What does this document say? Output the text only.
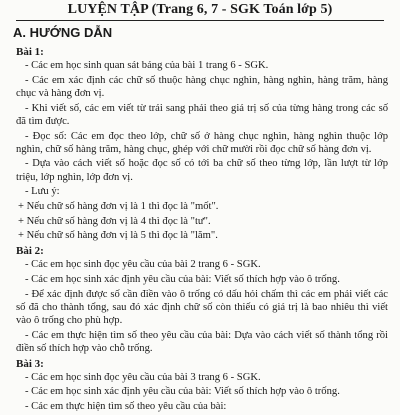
LUYỆN TẬP (Trang 6, 7 - SGK Toán lớp 5)
A. HƯỚNG DẪN
Bài 1:
- Các em học sinh quan sát bảng của bài 1 trang 6 - SGK.
- Các em xác định các chữ số thuộc hàng chục nghìn, hàng nghìn, hàng trăm, hàng chục và hàng đơn vị.
- Khi viết số, các em viết từ trái sang phải theo giá trị số của từng hàng trong các số đã tìm được.
- Đọc số: Các em đọc theo lớp, chữ số ở hàng chục nghìn, hàng nghìn thuộc lớp nghìn, chữ số hàng trăm, hàng chục, ghép với chữ mười rồi đọc chữ số hàng đơn vị.
- Dựa vào cách viết số hoặc đọc số có tới ba chữ số theo từng lớp, lần lượt từ lớp triệu, lớp nghìn, lớp đơn vị.
- Lưu ý:
+ Nếu chữ số hàng đơn vị là 1 thì đọc là "mốt".
+ Nếu chữ số hàng đơn vị là 4 thì đọc là "tư".
+ Nếu chữ số hàng đơn vị là 5 thì đọc là "lăm".
Bài 2:
- Các em học sinh đọc yêu cầu của bài 2 trang 6 - SGK.
- Các em học sinh xác định yêu cầu của bài: Viết số thích hợp vào ô trống.
- Để xác định được số cần điền vào ô trống có dấu hỏi chấm thì các em phải viết các số đã cho thành tổng, sau đó xác định chữ số còn thiếu có giá trị là bao nhiêu thì viết vào ô trống cho phù hợp.
- Các em thực hiện tìm số theo yêu cầu của bài: Dựa vào cách viết số thành tổng rồi điền số thích hợp vào chỗ trống.
Bài 3:
- Các em học sinh đọc yêu cầu của bài 3 trang 6 - SGK.
- Các em học sinh xác định yêu cầu của bài: Viết số thích hợp vào ô trống.
- Các em thực hiện tìm số theo yêu cầu của bài:
